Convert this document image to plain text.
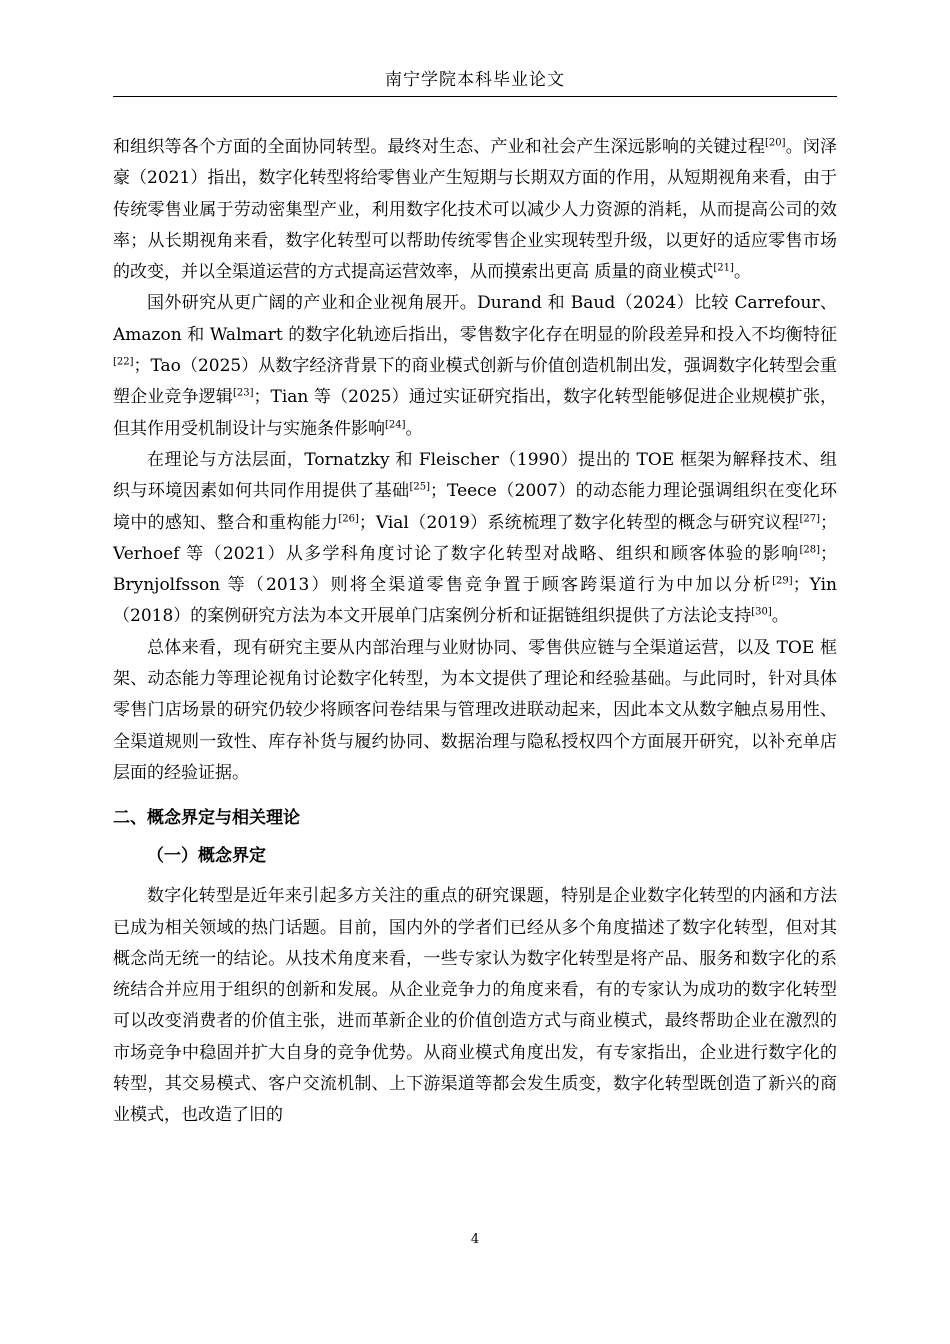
南宁学院本科毕业论文

和组织等各个方面的全面协同转型。最终对生态、产业和社会产生深远影响的关键过程[20]。闵泽豪（2021）指出，数字化转型将给零售业产生短期与长期双方面的作用，从短期视角来看，由于传统零售业属于劳动密集型产业，利用数字化技术可以减少人力资源的消耗，从而提高公司的效率；从长期视角来看，数字化转型可以帮助传统零售企业实现转型升级，以更好的适应零售市场的改变，并以全渠道运营的方式提高运营效率，从而摸索出更高 质量的商业模式[21]。

国外研究从更广阔的产业和企业视角展开。Durand 和 Baud（2024）比较 Carrefour、Amazon 和 Walmart 的数字化轨迹后指出，零售数字化存在明显的阶段差异和投入不均衡特征[22]；Tao（2025）从数字经济背景下的商业模式创新与价值创造机制出发，强调数字化转型会重塑企业竞争逻辑[23]；Tian 等（2025）通过实证研究指出，数字化转型能够促进企业规模扩张，但其作用受机制设计与实施条件影响[24]。

在理论与方法层面，Tornatzky 和 Fleischer（1990）提出的 TOE 框架为解释技术、组织与环境因素如何共同作用提供了基础[25]；Teece（2007）的动态能力理论强调组织在变化环境中的感知、整合和重构能力[26]；Vial（2019）系统梳理了数字化转型的概念与研究议程[27]；Verhoef 等（2021）从多学科角度讨论了数字化转型对战略、组织和顾客体验的影响[28]；Brynjolfsson 等（2013）则将全渠道零售竞争置于顾客跨渠道行为中加以分析[29]；Yin（2018）的案例研究方法为本文开展单门店案例分析和证据链组织提供了方法论支持[30]。

总体来看，现有研究主要从内部治理与业财协同、零售供应链与全渠道运营，以及 TOE 框架、动态能力等理论视角讨论数字化转型，为本文提供了理论和经验基础。与此同时，针对具体零售门店场景的研究仍较少将顾客问卷结果与管理改进联动起来，因此本文从数字触点易用性、全渠道规则一致性、库存补货与履约协同、数据治理与隐私授权四个方面展开研究，以补充单店层面的经验证据。

二、概念界定与相关理论
（一）概念界定

数字化转型是近年来引起多方关注的重点的研究课题，特别是企业数字化转型的内涵和方法已成为相关领域的热门话题。目前，国内外的学者们已经从多个角度描述了数字化转型，但对其概念尚无统一的结论。从技术角度来看，一些专家认为数字化转型是将产品、服务和数字化的系统结合并应用于组织的创新和发展。从企业竞争力的角度来看，有的专家认为成功的数字化转型可以改变消费者的价值主张，进而革新企业的价值创造方式与商业模式，最终帮助企业在激烈的市场竞争中稳固并扩大自身的竞争优势。从商业模式角度出发，有专家指出，企业进行数字化的转型，其交易模式、客户交流机制、上下游渠道等都会发生质变，数字化转型既创造了新兴的商业模式，也改造了旧的

4
